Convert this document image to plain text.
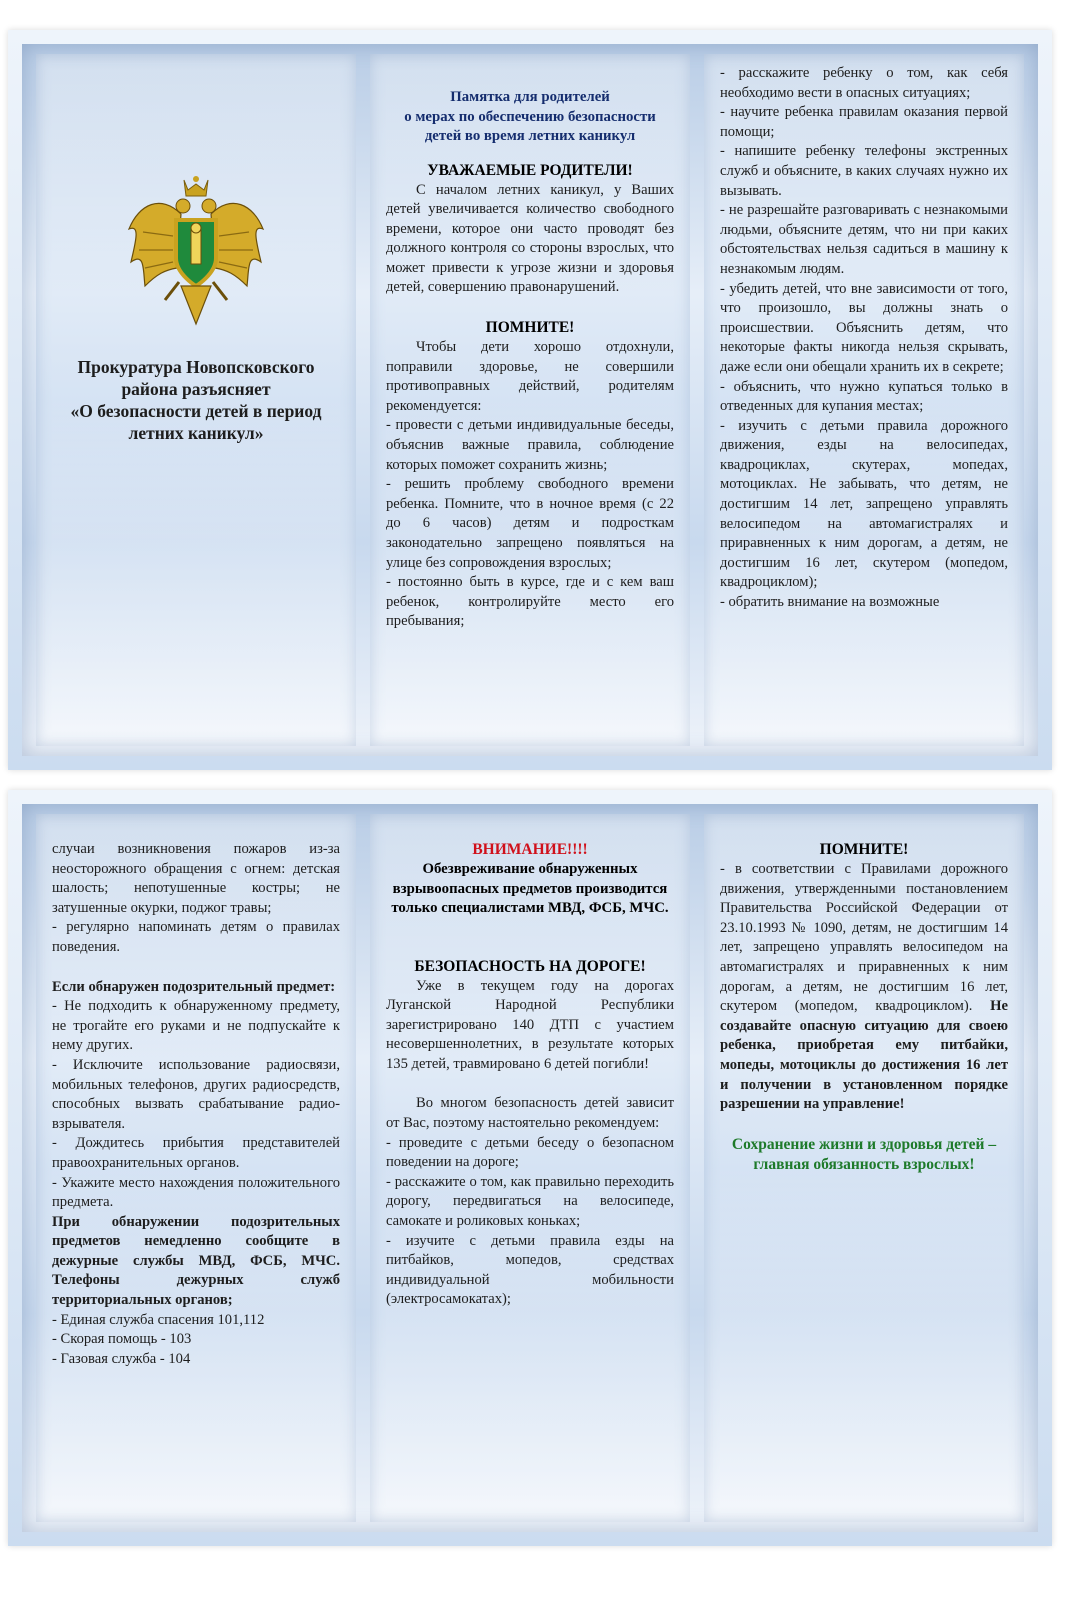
Прокуратура Новопсковского
района разъясняет
«О безопасности детей в период
летних каникул»

Памятка для родителей
о мерах по обеспечению безопасности
детей во время летних каникул

УВАЖАЕМЫЕ РОДИТЕЛИ!

С началом летних каникул, у Ваших детей увеличивается количество свободного времени, которое они часто проводят без должного контроля со стороны взрослых, что может привести к угрозе жизни и здоровья детей, совершению правонарушений.

ПОМНИТЕ!

Чтобы дети хорошо отдохнули, поправили здоровье, не совершили противоправных действий, родителям рекомендуется:

- провести с детьми индивидуальные беседы, объяснив важные правила, соблюдение которых поможет сохранить жизнь;

- решить проблему свободного времени ребенка. Помните, что в ночное время (с 22 до 6 часов) детям и подросткам законодательно запрещено появляться на улице без сопровождения взрослых;

- постоянно быть в курсе, где и с кем ваш ребенок, контролируйте место его пребывания;

- расскажите ребенку о том, как себя необходимо вести в опасных ситуациях;

- научите ребенка правилам оказания первой помощи;

- напишите ребенку телефоны экстренных служб и объясните, в каких случаях нужно их вызывать.

- не разрешайте разговаривать с незнакомыми людьми, объясните детям, что ни при каких обстоятельствах нельзя садиться в машину к незнакомым людям.

- убедить детей, что вне зависимости от того, что произошло, вы должны знать о происшествии. Объяснить детям, что некоторые факты никогда нельзя скрывать, даже если они обещали хранить их в секрете;

- объяснить, что нужно купаться только в отведенных для купания местах;

- изучить с детьми правила дорожного движения, езды на велосипедах, квадроциклах, скутерах, мопедах, мотоциклах. Не забывать, что детям, не достигшим 14 лет, запрещено управлять велосипедом на автомагистралях и приравненных к ним дорогам, а детям, не достигшим 16 лет, скутером (мопедом, квадроциклом);

- обратить внимание на возможные

случаи возникновения пожаров из-за неосторожного обращения с огнем: детская шалость; непотушенные костры; не затушенные окурки, поджог травы;

- регулярно напоминать детям о правилах поведения.

Если обнаружен подозрительный предмет:

- Не подходить к обнаруженному предмету, не трогайте его руками и не подпускайте к нему других.

- Исключите использование радиосвязи, мобильных телефонов, других радиосредств, способных вызвать срабатывание радио-взрывателя.

- Дождитесь прибытия представителей правоохранительных органов.

- Укажите место нахождения положительного предмета.

При обнаружении подозрительных предметов немедленно сообщите в дежурные службы МВД, ФСБ, МЧС. Телефоны дежурных служб территориальных органов;

- Единая служба спасения 101,112

- Скорая помощь - 103

- Газовая служба - 104

ВНИМАНИЕ!!!!

Обезвреживание обнаруженных взрывоопасных предметов производится только специалистами МВД, ФСБ, МЧС.

БЕЗОПАСНОСТЬ НА ДОРОГЕ!

Уже в текущем году на дорогах Луганской Народной Республики зарегистрировано 140 ДТП с участием несовершеннолетних, в результате которых 135 детей, травмировано 6 детей погибли!

Во многом безопасность детей зависит от Вас, поэтому настоятельно рекомендуем:

- проведите с детьми беседу о безопасном поведении на дороге;

- расскажите о том, как правильно переходить дорогу, передвигаться на велосипеде, самокате и роликовых коньках;

- изучите с детьми правила езды на питбайков, мопедов, средствах индивидуальной мобильности (электросамокатах);

ПОМНИТЕ!

- в соответствии с Правилами дорожного движения, утвержденными постановлением Правительства Российской Федерации от 23.10.1993 № 1090, детям, не достигшим 14 лет, запрещено управлять велосипедом на автомагистралях и приравненных к ним дорогам, а детям, не достигшим 16 лет, скутером (мопедом, квадроциклом). Не создавайте опасную ситуацию для своею ребенка, приобретая ему питбайки, мопеды, мотоциклы до достижения 16 лет и получении в установленном порядке разрешении на управление!

Сохранение жизни и здоровья детей – главная обязанность взрослых!
